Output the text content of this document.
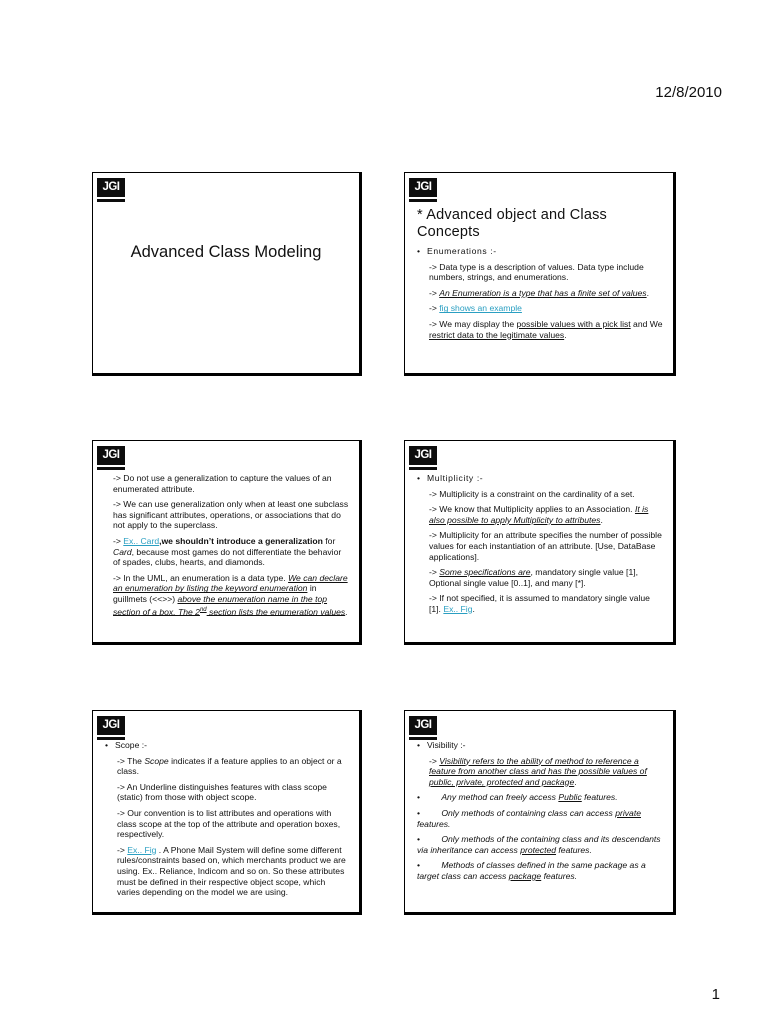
12/8/2010
JGI
Advanced Class Modeling
JGI
* Advanced object and Class Concepts
• Enumerations :-

-> Data type is a description of values. Data type include numbers, strings, and enumerations.

-> An Enumeration is a type that has a finite set of values.

-> fig shows an example

-> We may display the possible values with a pick list and We restrict data to the legitimate values.

JGI

-> Do not use a generalization to capture the values of an enumerated attribute.

-> We can use generalization only when at least one subclass has significant attributes, operations, or associations that do not apply to the superclass.

-> Ex.. Card,we shouldn’t introduce a generalization for Card, because most games do not differentiate the behavior of spades, clubs, hearts, and diamonds.

-> In the UML, an enumeration is a data type. We can declare an enumeration by listing the keyword enumeration in guillmets (<<>>) above the enumeration name in the top section of a box. The 2nd section lists the enumeration values.

JGI
• Multiplicity :-

-> Multiplicity is a constraint on the cardinality of a set.

-> We know that Multiplicity applies to an Association. It is also possible to apply Multiplicity to attributes.

-> Multiplicity for an attribute specifies the number of possible values for each instantiation of an attribute. [Use, DataBase applications].

-> Some specifications are, mandatory single value [1], Optional single value [0..1], and many [*].

-> If not specified, it is assumed to mandatory single value [1]. Ex.. Fig.

JGI
• Scope :-

-> The Scope indicates if a feature applies to an object or a class.

-> An Underline distinguishes features with class scope (static) from those with object scope.

-> Our convention is to list attributes and operations with class scope at the top of the attribute and operation boxes, respectively.

-> Ex.. Fig . A Phone Mail System will define some different rules/constraints based on, which merchants product we are using. Ex.. Reliance, Indicom and so on. So these attributes must be defined in their respective object scope, which varies depending on the model we are using.

JGI
• Visibility :-

-> Visibility refers to the ability of method to reference a feature from another class and has the possible values of public, private, protected and package.

• Any method can freely access Public features.
• Only methods of containing class can access private features.
• Only methods of the containing class and its descendants via inheritance can access protected features.
• Methods of classes defined in the same package as a target class can access package features.
1
